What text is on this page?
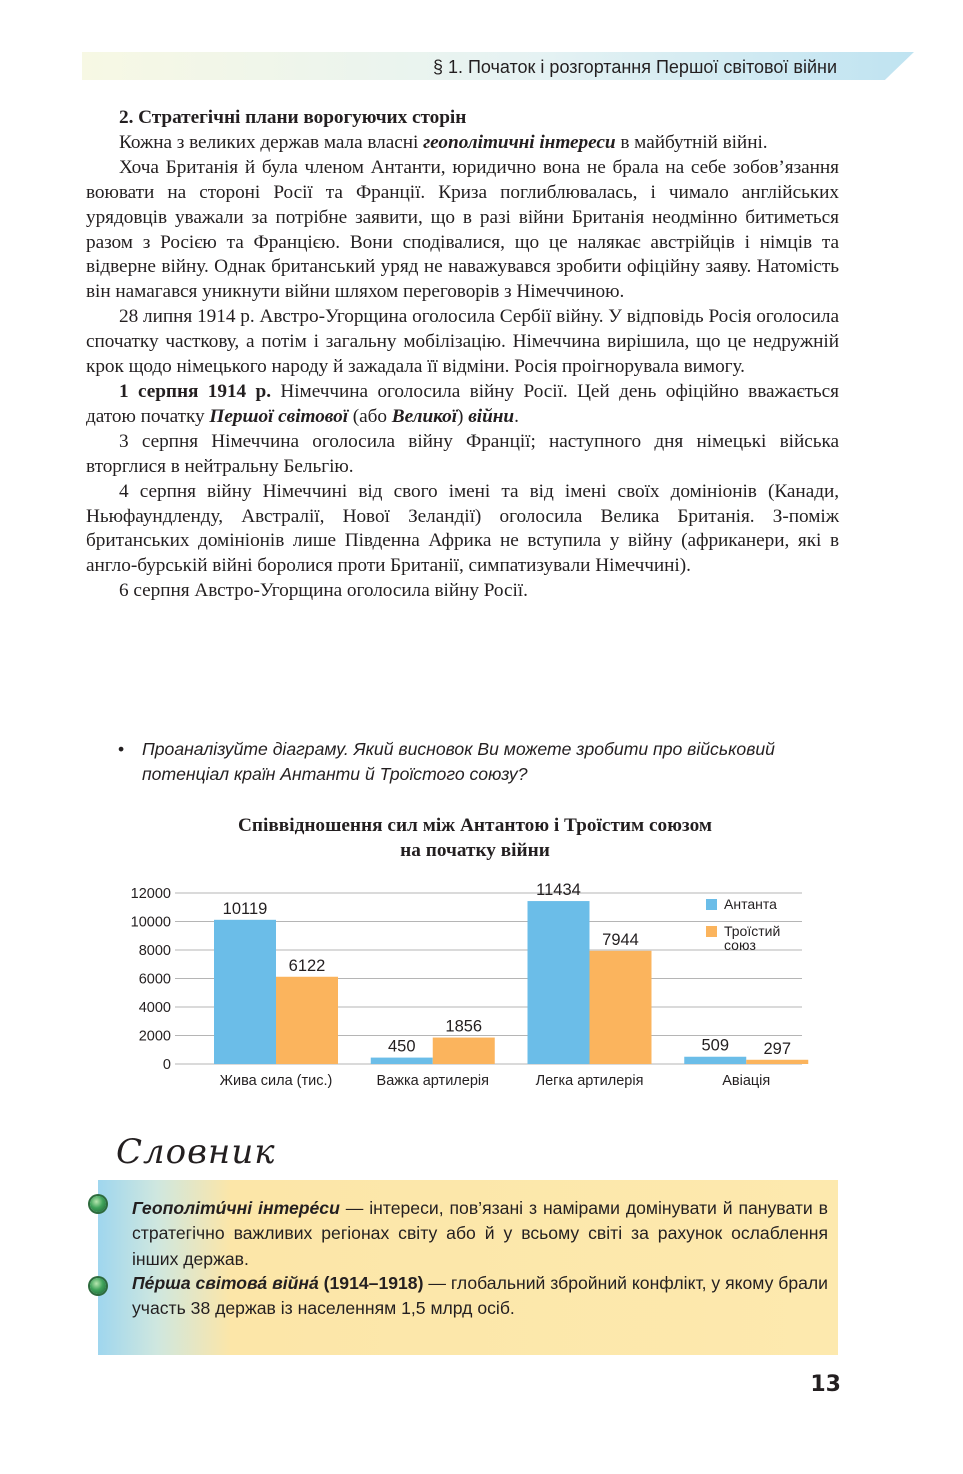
§ 1. Початок і розгортання Першої світової війни

2. Стратегічні плани ворогуючих сторін

Кожна з великих держав мала власні геополітичні інтереси в майбутній війні.

Хоча Британія й була членом Антанти, юридично вона не брала на себе зобов’язання воювати на стороні Росії та Франції. Криза поглиблювалась, і чимало англійських урядовців уважали за потрібне заявити, що в разі війни Британія неодмінно битиметься разом з Росією та Францією. Вони сподівалися, що це налякає австрійців і німців та відверне війну. Однак британський уряд не наважувався зробити офіційну заяву. Натомість він намагався уникнути війни шляхом переговорів з Німеччиною.

28 липня 1914 р. Австро-Угорщина оголосила Сербії війну. У відповідь Росія оголосила спочатку часткову, а потім і загальну мобілізацію. Німеччина вирішила, що це недружній крок щодо німецького народу й зажадала її відміни. Росія проігнорувала вимогу.

1 серпня 1914 р. Німеччина оголосила війну Росії. Цей день офіційно вважається датою початку Першої світової (або Великої) війни.

3 серпня Німеччина оголосила війну Франції; наступного дня німецькі війська вторглися в нейтральну Бельгію.

4 серпня війну Німеччині від свого імені та від імені своїх домініонів (Канади, Ньюфаундленду, Австралії, Нової Зеландії) оголосила Велика Британія. З-поміж британських домініонів лише Південна Африка не вступила у війну (африканери, які в англо-бурській війні боролися проти Британії, симпатизували Німеччині).

6 серпня Австро-Угорщина оголосила війну Росії.

•	Проаналізуйте діаграму. Який висновок Ви можете зробити про військовий потенціал країн Антанти й Троїстого союзу?
Співвідношення сил між Антантою і Троїстим союзом
на початку війни
0
2000
4000
6000
8000
10000
12000
10119
6122
Жива сила (тис.)
450
1856
Важка артилерія
11434
7944
Легка артилерія
509 297
Авіація
Антанта
Троїстий союз
Словник
Геополіти́чні інтере́си — інтереси, пов’язані з намірами домінувати й панувати в стратегічно важливих регіонах світу або й у всьому світі за рахунок ослаблення інших держав.
Пе́рша світова́ війна́ (1914–1918) — глобальний збройний конфлікт, у якому брали участь 38 держав із населенням 1,5 млрд осіб.
13
